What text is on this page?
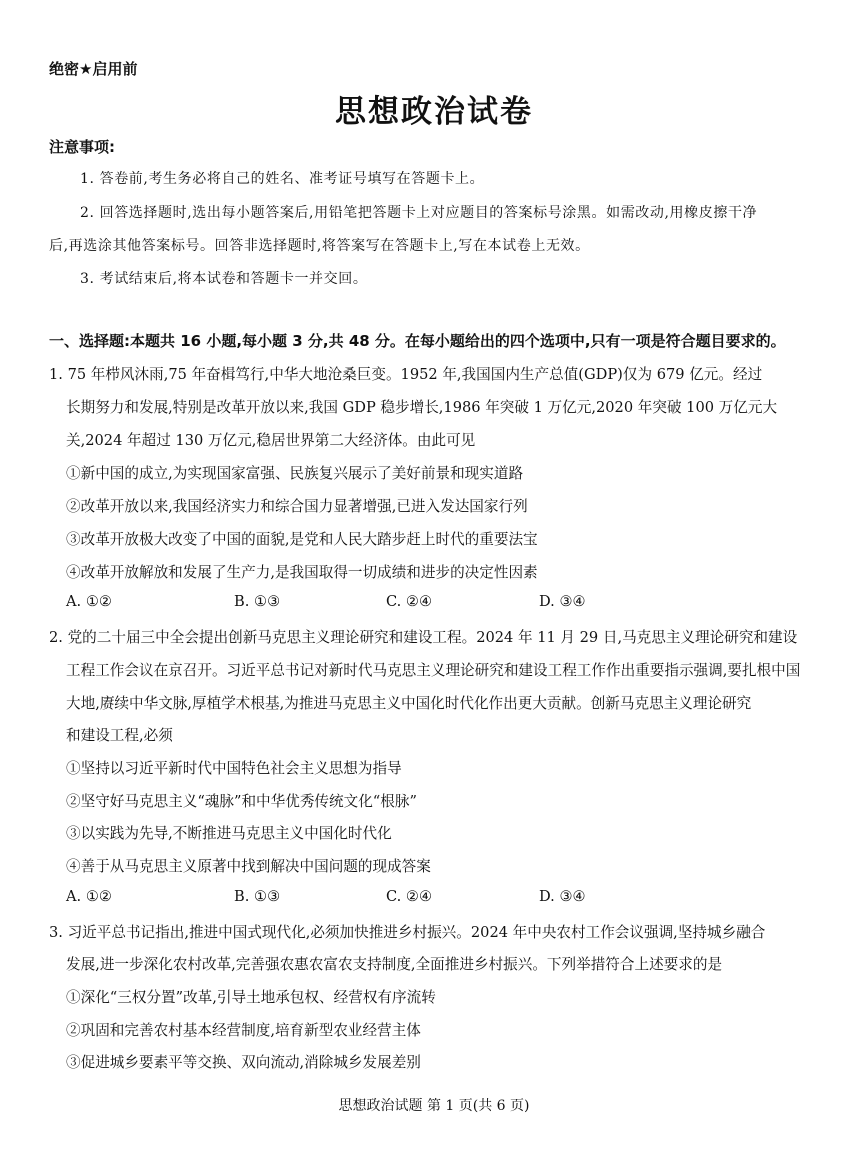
绝密★启用前
思想政治试卷
注意事项:
1. 答卷前,考生务必将自己的姓名、准考证号填写在答题卡上。
2. 回答选择题时,选出每小题答案后,用铅笔把答题卡上对应题目的答案标号涂黑。如需改动,用橡皮擦干净
后,再选涂其他答案标号。回答非选择题时,将答案写在答题卡上,写在本试卷上无效。
3. 考试结束后,将本试卷和答题卡一并交回。
一、选择题:本题共 16 小题,每小题 3 分,共 48 分。在每小题给出的四个选项中,只有一项是符合题目要求的。
1. 75 年栉风沐雨,75 年奋楫笃行,中华大地沧桑巨变。1952 年,我国国内生产总值(GDP)仅为 679 亿元。经过
长期努力和发展,特别是改革开放以来,我国 GDP 稳步增长,1986 年突破 1 万亿元,2020 年突破 100 万亿元大
关,2024 年超过 130 万亿元,稳居世界第二大经济体。由此可见
①新中国的成立,为实现国家富强、民族复兴展示了美好前景和现实道路
②改革开放以来,我国经济实力和综合国力显著增强,已进入发达国家行列
③改革开放极大改变了中国的面貌,是党和人民大踏步赶上时代的重要法宝
④改革开放解放和发展了生产力,是我国取得一切成绩和进步的决定性因素
A. ①②	B. ①③	C. ②④	D. ③④
2. 党的二十届三中全会提出创新马克思主义理论研究和建设工程。2024 年 11 月 29 日,马克思主义理论研究和建设
工程工作会议在京召开。习近平总书记对新时代马克思主义理论研究和建设工程工作作出重要指示强调,要扎根中国
大地,赓续中华文脉,厚植学术根基,为推进马克思主义中国化时代化作出更大贡献。创新马克思主义理论研究
和建设工程,必须
①坚持以习近平新时代中国特色社会主义思想为指导
②坚守好马克思主义“魂脉”和中华优秀传统文化“根脉”
③以实践为先导,不断推进马克思主义中国化时代化
④善于从马克思主义原著中找到解决中国问题的现成答案
A. ①②	B. ①③	C. ②④	D. ③④
3. 习近平总书记指出,推进中国式现代化,必须加快推进乡村振兴。2024 年中央农村工作会议强调,坚持城乡融合
发展,进一步深化农村改革,完善强农惠农富农支持制度,全面推进乡村振兴。下列举措符合上述要求的是
①深化“三权分置”改革,引导土地承包权、经营权有序流转
②巩固和完善农村基本经营制度,培育新型农业经营主体
③促进城乡要素平等交换、双向流动,消除城乡发展差别
思想政治试题 第 1 页(共 6 页)
